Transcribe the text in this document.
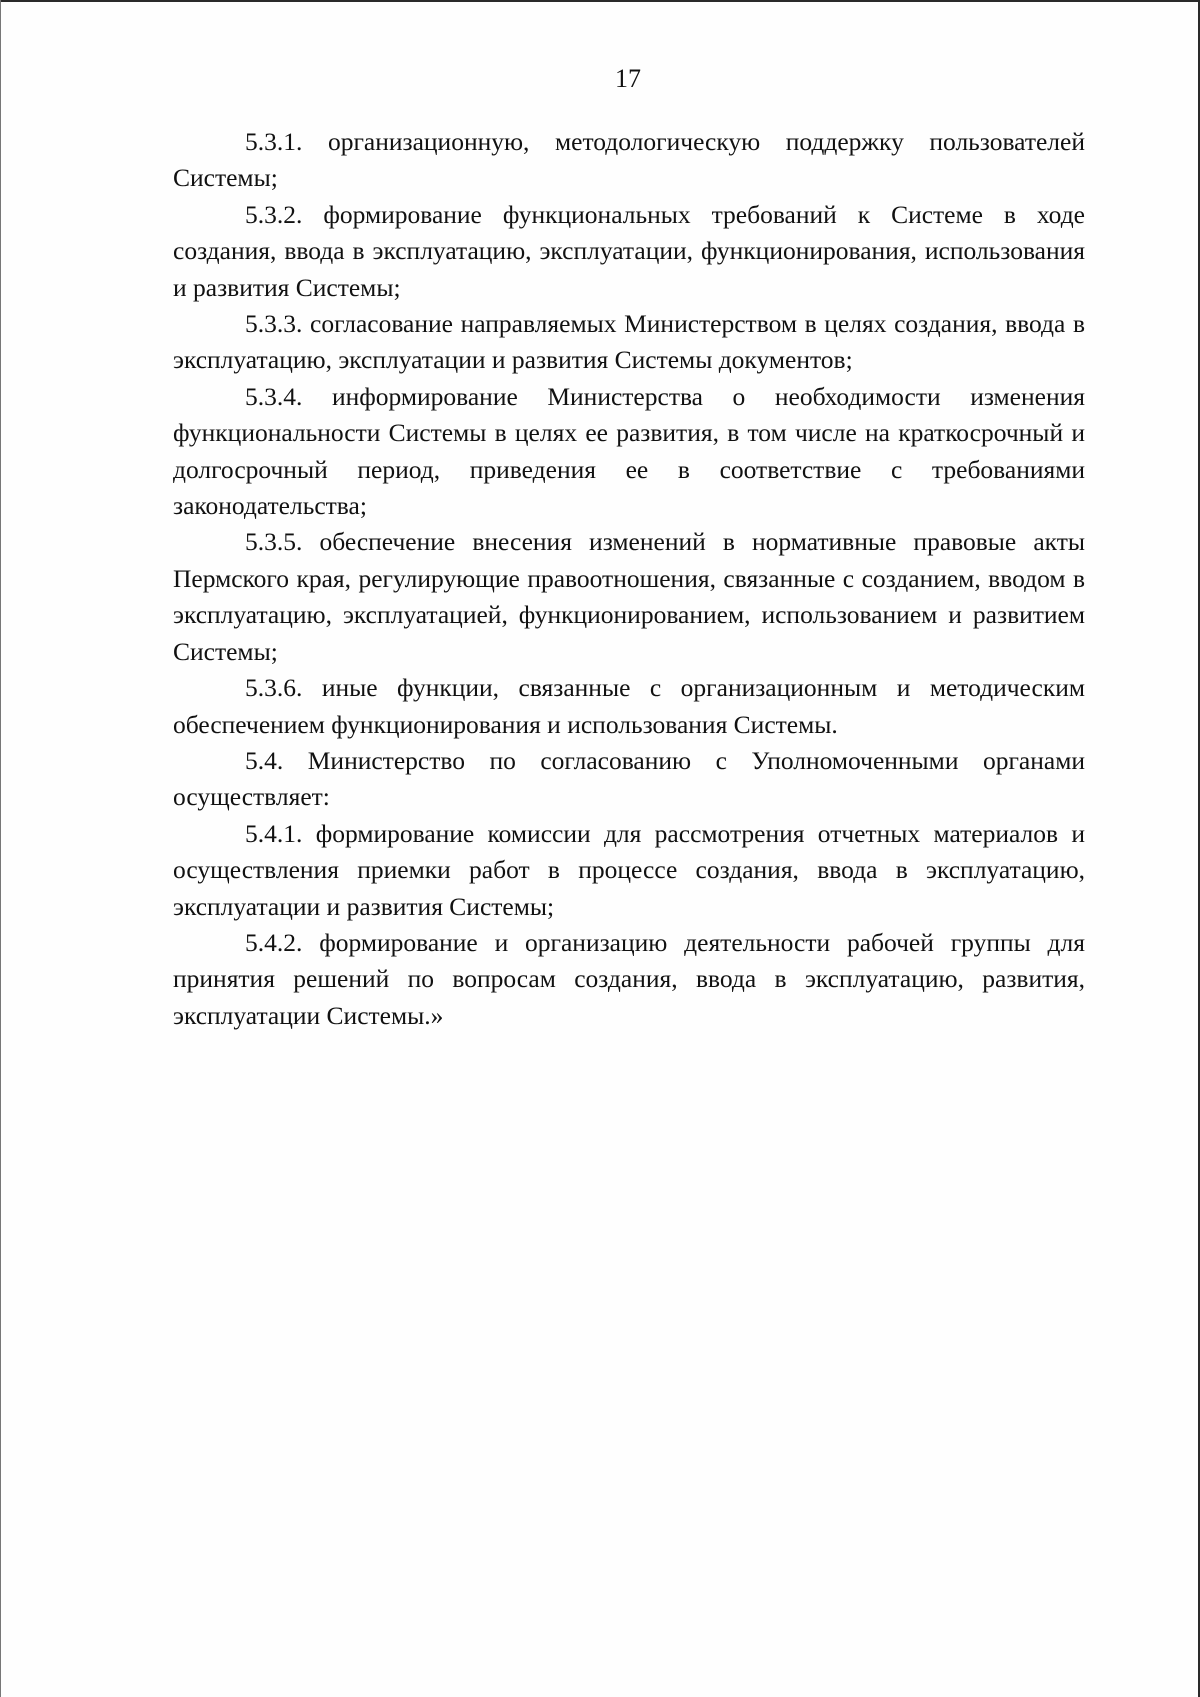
17

5.3.1. организационную, методологическую поддержку пользователей Системы;

5.3.2. формирование функциональных требований к Системе в ходе создания, ввода в эксплуатацию, эксплуатации, функционирования, использования и развития Системы;

5.3.3. согласование направляемых Министерством в целях создания, ввода в эксплуатацию, эксплуатации и развития Системы документов;

5.3.4. информирование Министерства о необходимости изменения функциональности Системы в целях ее развития, в том числе на краткосрочный и долгосрочный период, приведения ее в соответствие с требованиями законодательства;

5.3.5. обеспечение внесения изменений в нормативные правовые акты Пермского края, регулирующие правоотношения, связанные с созданием, вводом в эксплуатацию, эксплуатацией, функционированием, использованием и развитием Системы;

5.3.6. иные функции, связанные с организационным и методическим обеспечением функционирования и использования Системы.

5.4. Министерство по согласованию с Уполномоченными органами осуществляет:

5.4.1. формирование комиссии для рассмотрения отчетных материалов и осуществления приемки работ в процессе создания, ввода в эксплуатацию, эксплуатации и развития Системы;

5.4.2. формирование и организацию деятельности рабочей группы для принятия решений по вопросам создания, ввода в эксплуатацию, развития, эксплуатации Системы.»
